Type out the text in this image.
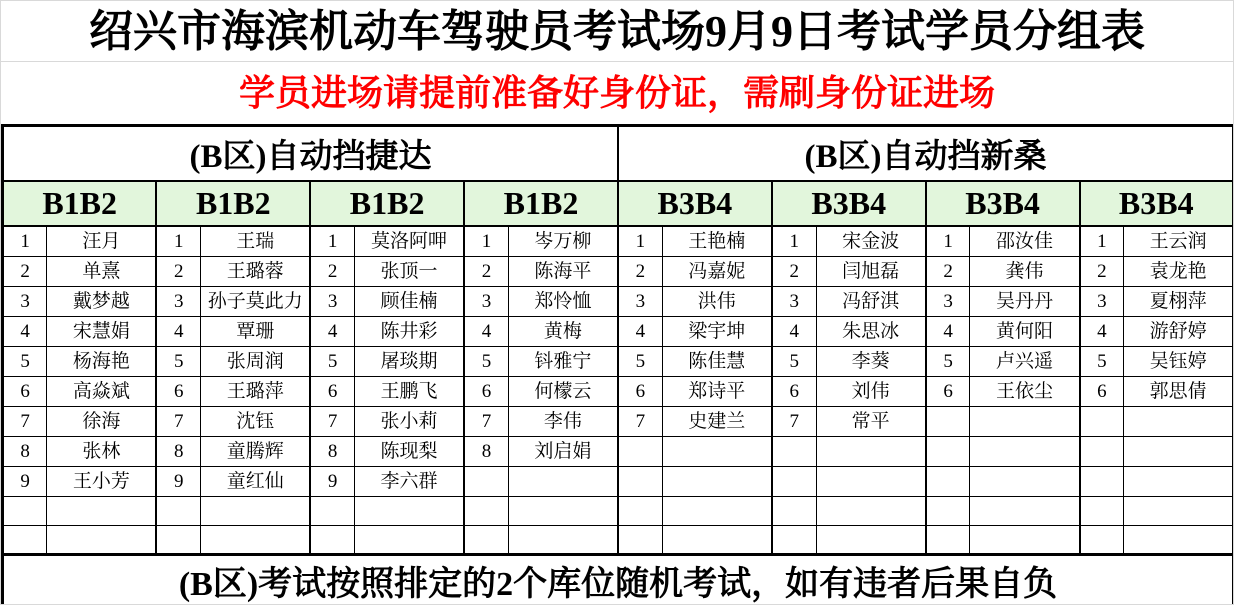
绍兴市海滨机动车驾驶员考试场9月9日考试学员分组表
学员进场请提前准备好身份证，需刷身份证进场
(B区)自动挡捷达								(B区)自动挡新桑							
B1B2		B1B2		B1B2		B1B2		B3B4		B3B4		B3B4		B3B4	
1	汪月	1	王瑞	1	莫洛阿呷	1	岑万柳	1	王艳楠	1	宋金波	1	邵汝佳	1	王云润
2	单熹	2	王璐蓉	2	张顶一	2	陈海平	2	冯嘉妮	2	闫旭磊	2	龚伟	2	袁龙艳
3	戴梦越	3	孙子莫此力	3	顾佳楠	3	郑怜恤	3	洪伟	3	冯舒淇	3	吴丹丹	3	夏栩萍
4	宋慧娟	4	覃珊	4	陈井彩	4	黄梅	4	梁宇坤	4	朱思冰	4	黄何阳	4	游舒婷
5	杨海艳	5	张周润	5	屠琰期	5	钭雅宁	5	陈佳慧	5	李葵	5	卢兴遥	5	吴钰婷
6	高焱斌	6	王璐萍	6	王鹏飞	6	何檬云	6	郑诗平	6	刘伟	6	王依尘	6	郭思倩
7	徐海	7	沈钰	7	张小莉	7	李伟	7	史建兰	7	常平				
8	张林	8	童腾辉	8	陈现梨	8	刘启娟								
9	王小芳	9	童红仙	9	李六群										

(B区)考试按照排定的2个库位随机考试，如有违者后果自负															
